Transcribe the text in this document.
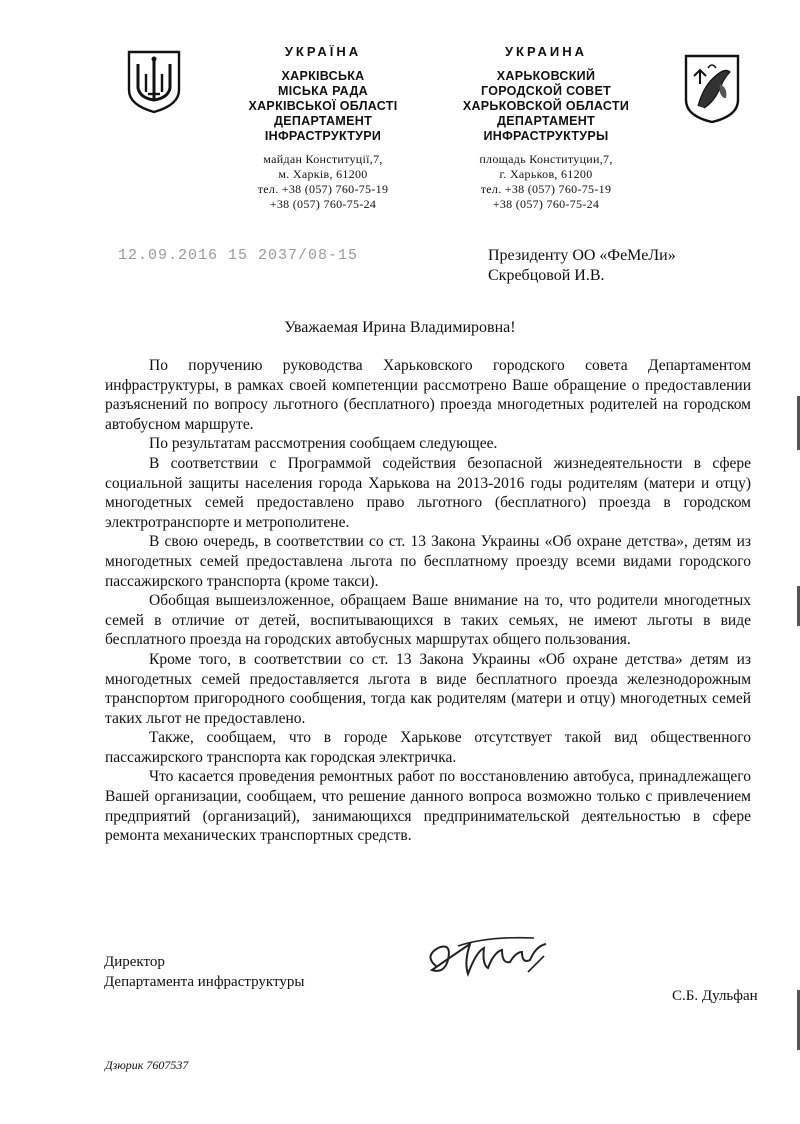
УКРАЇНА
ХАРКІВСЬКА
МІСЬКА РАДА
ХАРКІВСЬКОЇ ОБЛАСТІ
ДЕПАРТАМЕНТ
ІНФРАСТРУКТУРИ
майдан Конституції,7,
м. Харків, 61200
тел. +38 (057) 760-75-19
+38 (057) 760-75-24
УКРАИНА
ХАРЬКОВСКИЙ
ГОРОДСКОЙ СОВЕТ
ХАРЬКОВСКОЙ ОБЛАСТИ
ДЕПАРТАМЕНТ
ИНФРАСТРУКТУРЫ
площадь Конституции,7,
г. Харьков, 61200
тел. +38 (057) 760-75-19
+38 (057) 760-75-24
12.09.2016 15 2037/08-15	Президенту ОО «ФеМеЛи»
Скребцовой И.В.
Уважаемая Ирина Владимировна!

По поручению руководства Харьковского городского совета Департаментом инфраструктуры, в рамках своей компетенции рассмотрено Ваше обращение о предоставлении разъяснений по вопросу льготного (бесплатного) проезда многодетных родителей на городском автобусном маршруте.

По результатам рассмотрения сообщаем следующее.

В соответствии с Программой содействия безопасной жизнедеятельности в сфере социальной защиты населения города Харькова на 2013-2016 годы родителям (матери и отцу) многодетных семей предоставлено право льготного (бесплатного) проезда в городском электротранспорте и метрополитене.

В свою очередь, в соответствии со ст. 13 Закона Украины «Об охране детства», детям из многодетных семей предоставлена льгота по бесплатному проезду всеми видами городского пассажирского транспорта (кроме такси).

Обобщая вышеизложенное, обращаем Ваше внимание на то, что родители многодетных семей в отличие от детей, воспитывающихся в таких семьях, не имеют льготы в виде бесплатного проезда на городских автобусных маршрутах общего пользования.

Кроме того, в соответствии со ст. 13 Закона Украины «Об охране детства» детям из многодетных семей предоставляется льгота в виде бесплатного проезда железнодорожным транспортом пригородного сообщения, тогда как родителям (матери и отцу) многодетных семей таких льгот не предоставлено.

Также, сообщаем, что в городе Харькове отсутствует такой вид общественного пассажирского транспорта как городская электричка.

Что касается проведения ремонтных работ по восстановлению автобуса, принадлежащего Вашей организации, сообщаем, что решение данного вопроса возможно только с привлечением предприятий (организаций), занимающихся предпринимательской деятельностью в сфере ремонта механических транспортных средств.

Директор
Департамента инфраструктуры
С.Б. Дульфан
Дзюрик 7607537
